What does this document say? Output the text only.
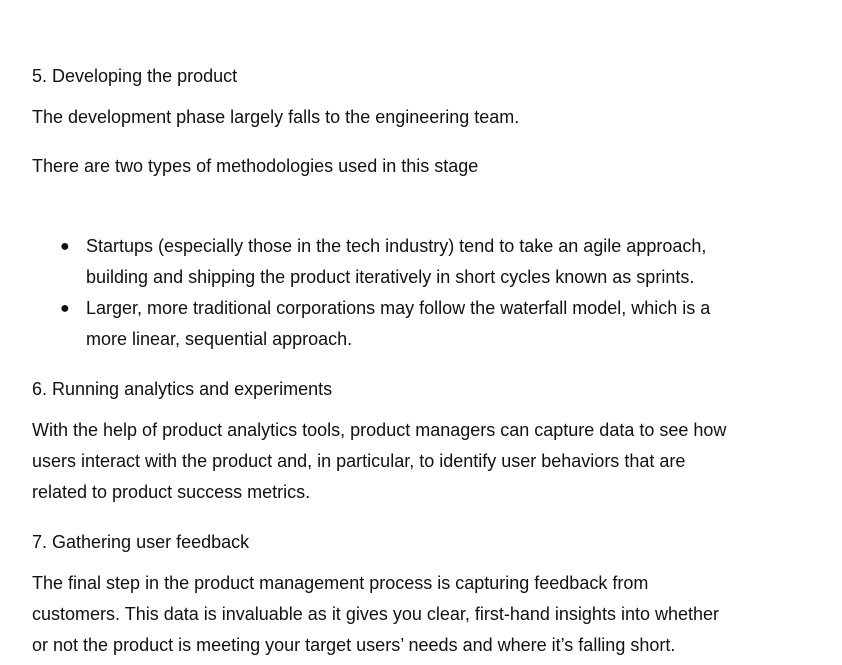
5. Developing the product

The development phase largely falls to the engineering team.

There are two types of methodologies used in this stage

● Startups (especially those in the tech industry) tend to take an agile approach,
building and shipping the product iteratively in short cycles known as sprints.
● Larger, more traditional corporations may follow the waterfall model, which is a
more linear, sequential approach.
6. Running analytics and experiments

With the help of product analytics tools, product managers can capture data to see how
users interact with the product and, in particular, to identify user behaviors that are
related to product success metrics.

7. Gathering user feedback

The final step in the product management process is capturing feedback from
customers. This data is invaluable as it gives you clear, first-hand insights into whether
or not the product is meeting your target users’ needs and where it’s falling short.
